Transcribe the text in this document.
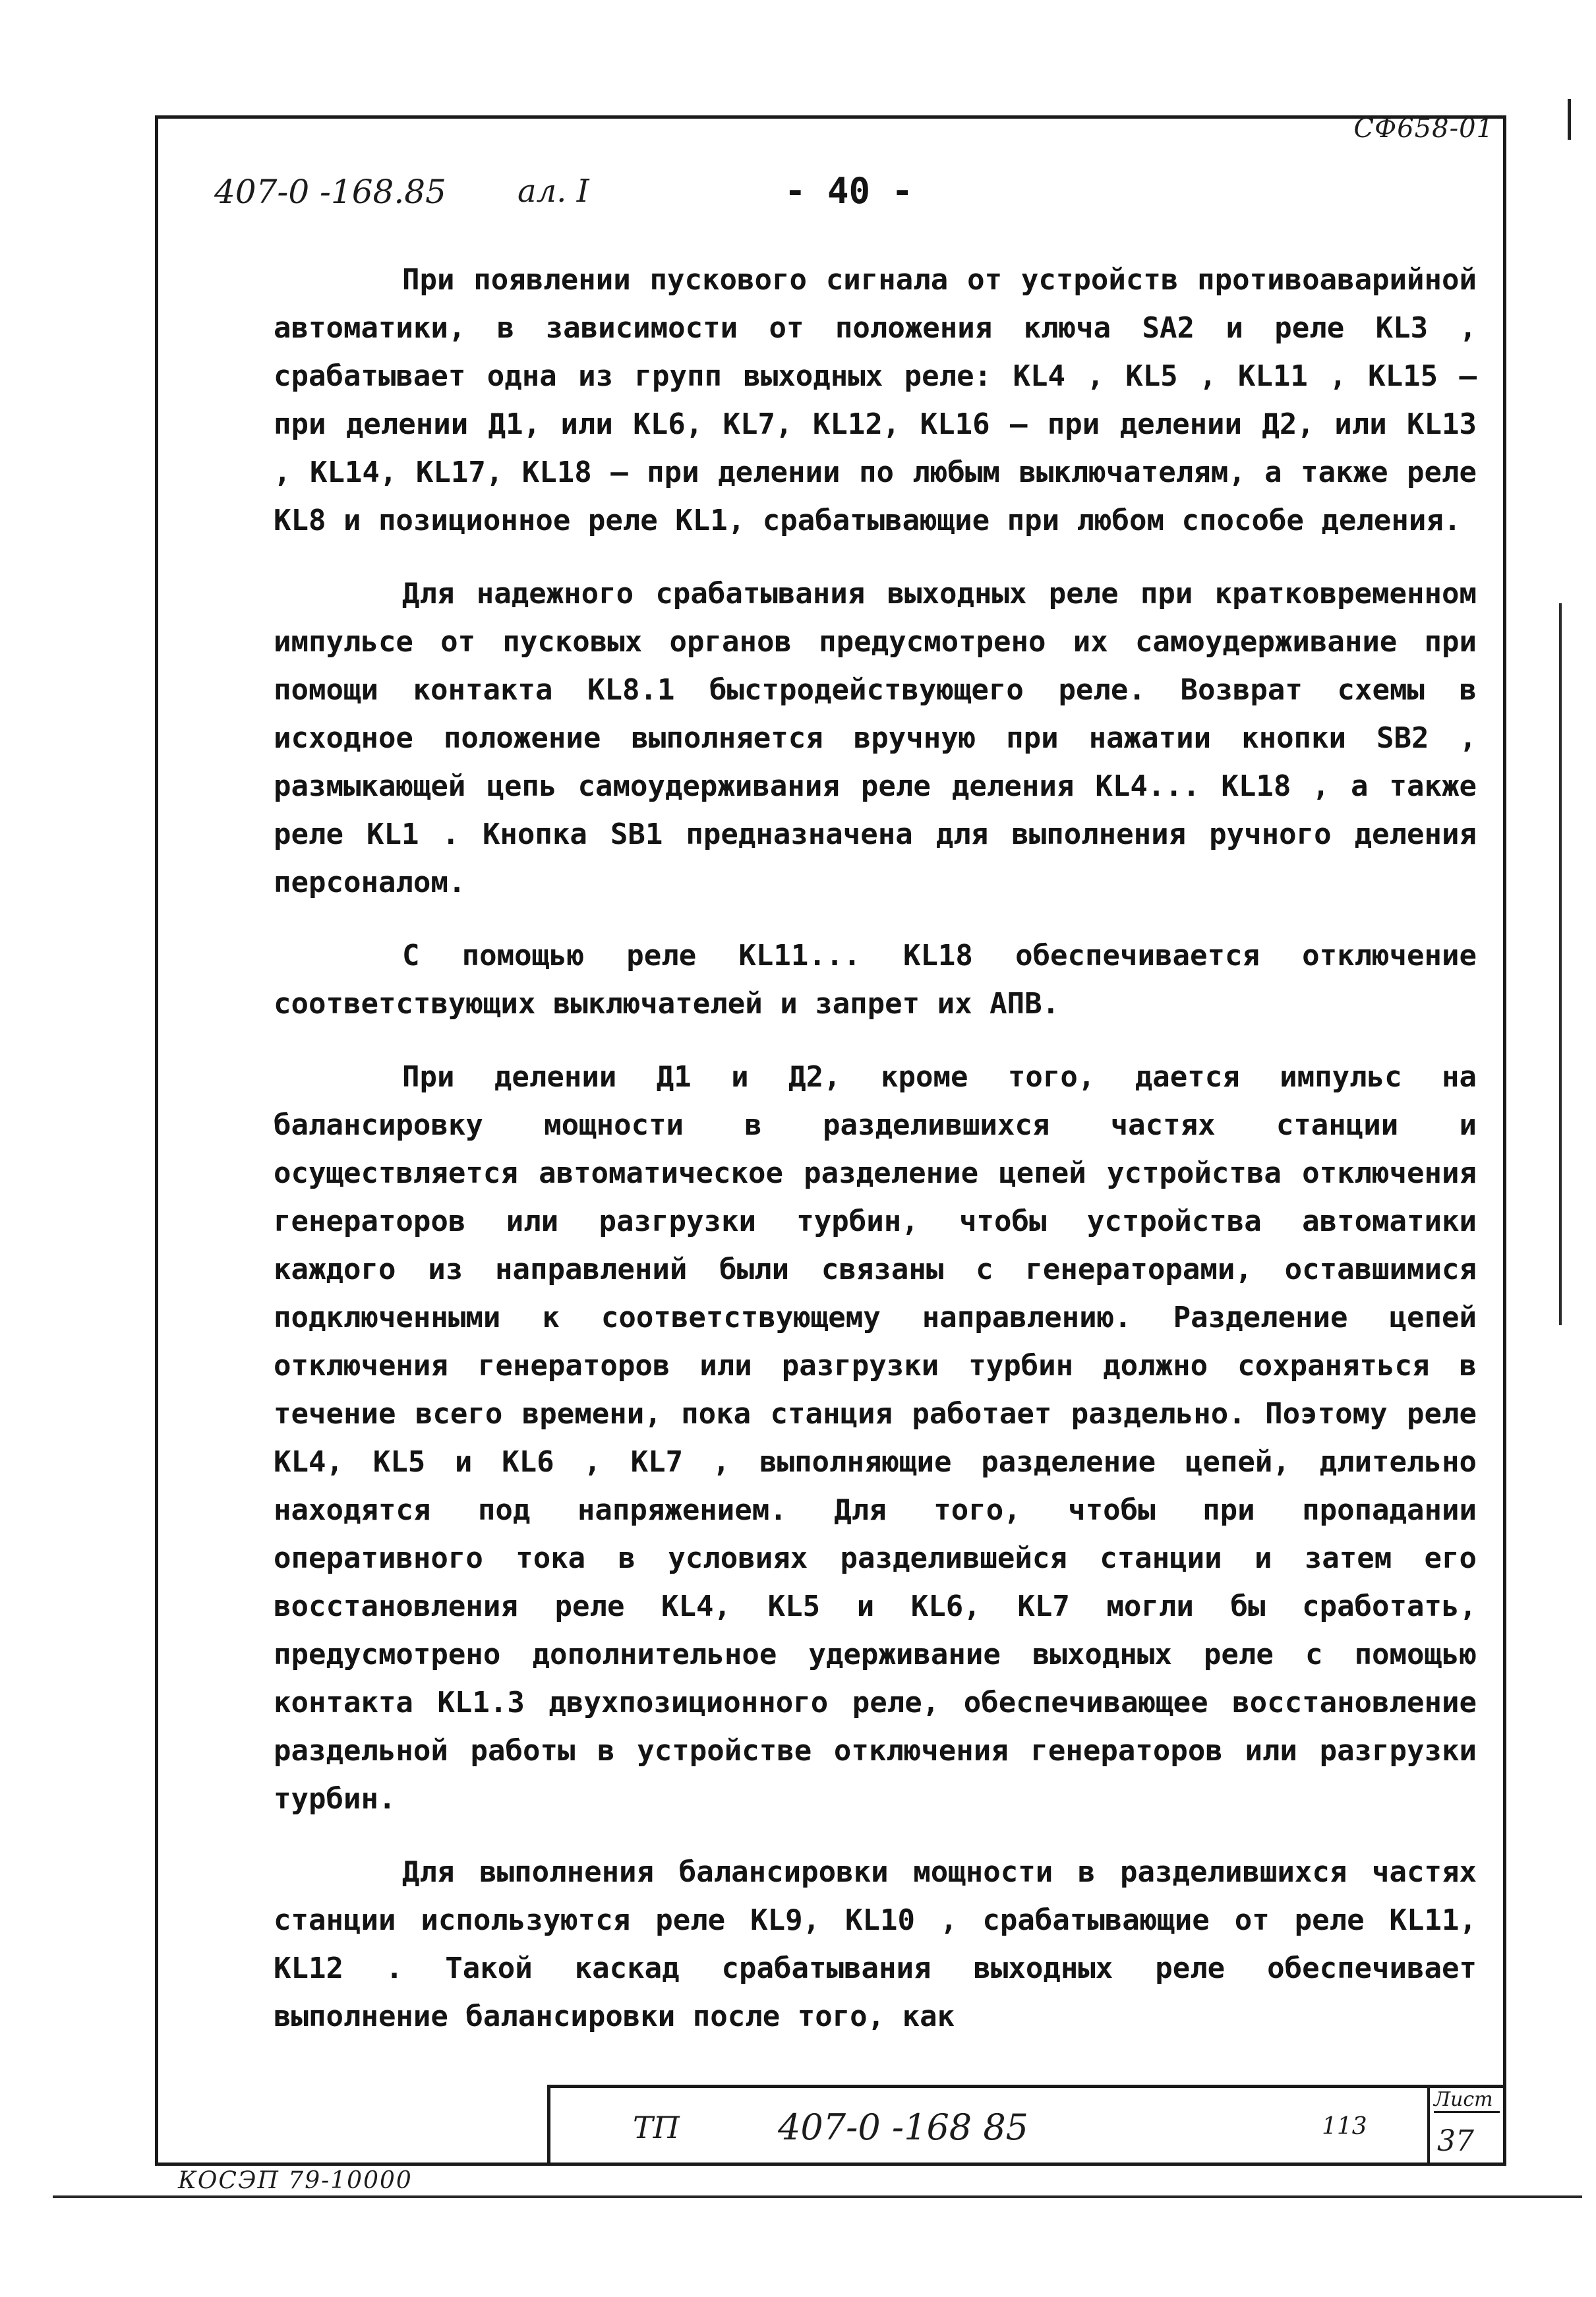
СФ658-01
407-0 -168.85 ал. I	- 40 -

При появлении пускового сигнала от устройств противоаварийной автоматики, в зависимости от положения ключа SА2 и реле КL3 , срабатывает одна из групп выходных реле: КL4 , КL5 , КL11 , КL15 – при делении Д1, или КL6, КL7, КL12, КL16 – при делении Д2, или КL13 , КL14, КL17, КL18 – при делении по любым выключателям, а также реле КL8 и позиционное реле КL1, срабатывающие при любом способе деления.

Для надежного срабатывания выходных реле при кратковременном импульсе от пусковых органов предусмотрено их самоудерживание при помощи контакта КL8.1 быстродействующего реле. Возврат схемы в исходное положение выполняется вручную при нажатии кнопки SВ2 , размыкающей цепь самоудерживания реле деления КL4... КL18 , а также реле КL1 . Кнопка SВ1 предназначена для выполнения ручного деления персоналом.

С помощью реле КL11... КL18 обеспечивается отключение соответствующих выключателей и запрет их АПВ.

При делении Д1 и Д2, кроме того, дается импульс на балансировку мощности в разделившихся частях станции и осуществляется автоматическое разделение цепей устройства отключения генераторов или разгрузки турбин, чтобы устройства автоматики каждого из направлений были связаны с генераторами, оставшимися подключенными к соответствующему направлению. Разделение цепей отключения генераторов или разгрузки турбин должно сохраняться в течение всего времени, пока станция работает раздельно. Поэтому реле КL4, КL5 и КL6 , КL7 , выполняющие разделение цепей, длительно находятся под напряжением. Для того, чтобы при пропадании оперативного тока в условиях разделившейся станции и затем его восстановления реле КL4, КL5 и КL6, КL7 могли бы сработать, предусмотрено дополнительное удерживание выходных реле с помощью контакта КL1.3 двухпозиционного реле, обеспечивающее восстановление раздельной работы в устройстве отключения генераторов или разгрузки турбин.

Для выполнения балансировки мощности в разделившихся частях станции используются реле КL9, КL10 , срабатывающие от реле КL11, КL12 . Такой каскад срабатывания выходных реле обеспечивает выполнение балансировки после того, как

ТП	407-0 -168 85	113
Лист
37
КОСЭП 79-10000
